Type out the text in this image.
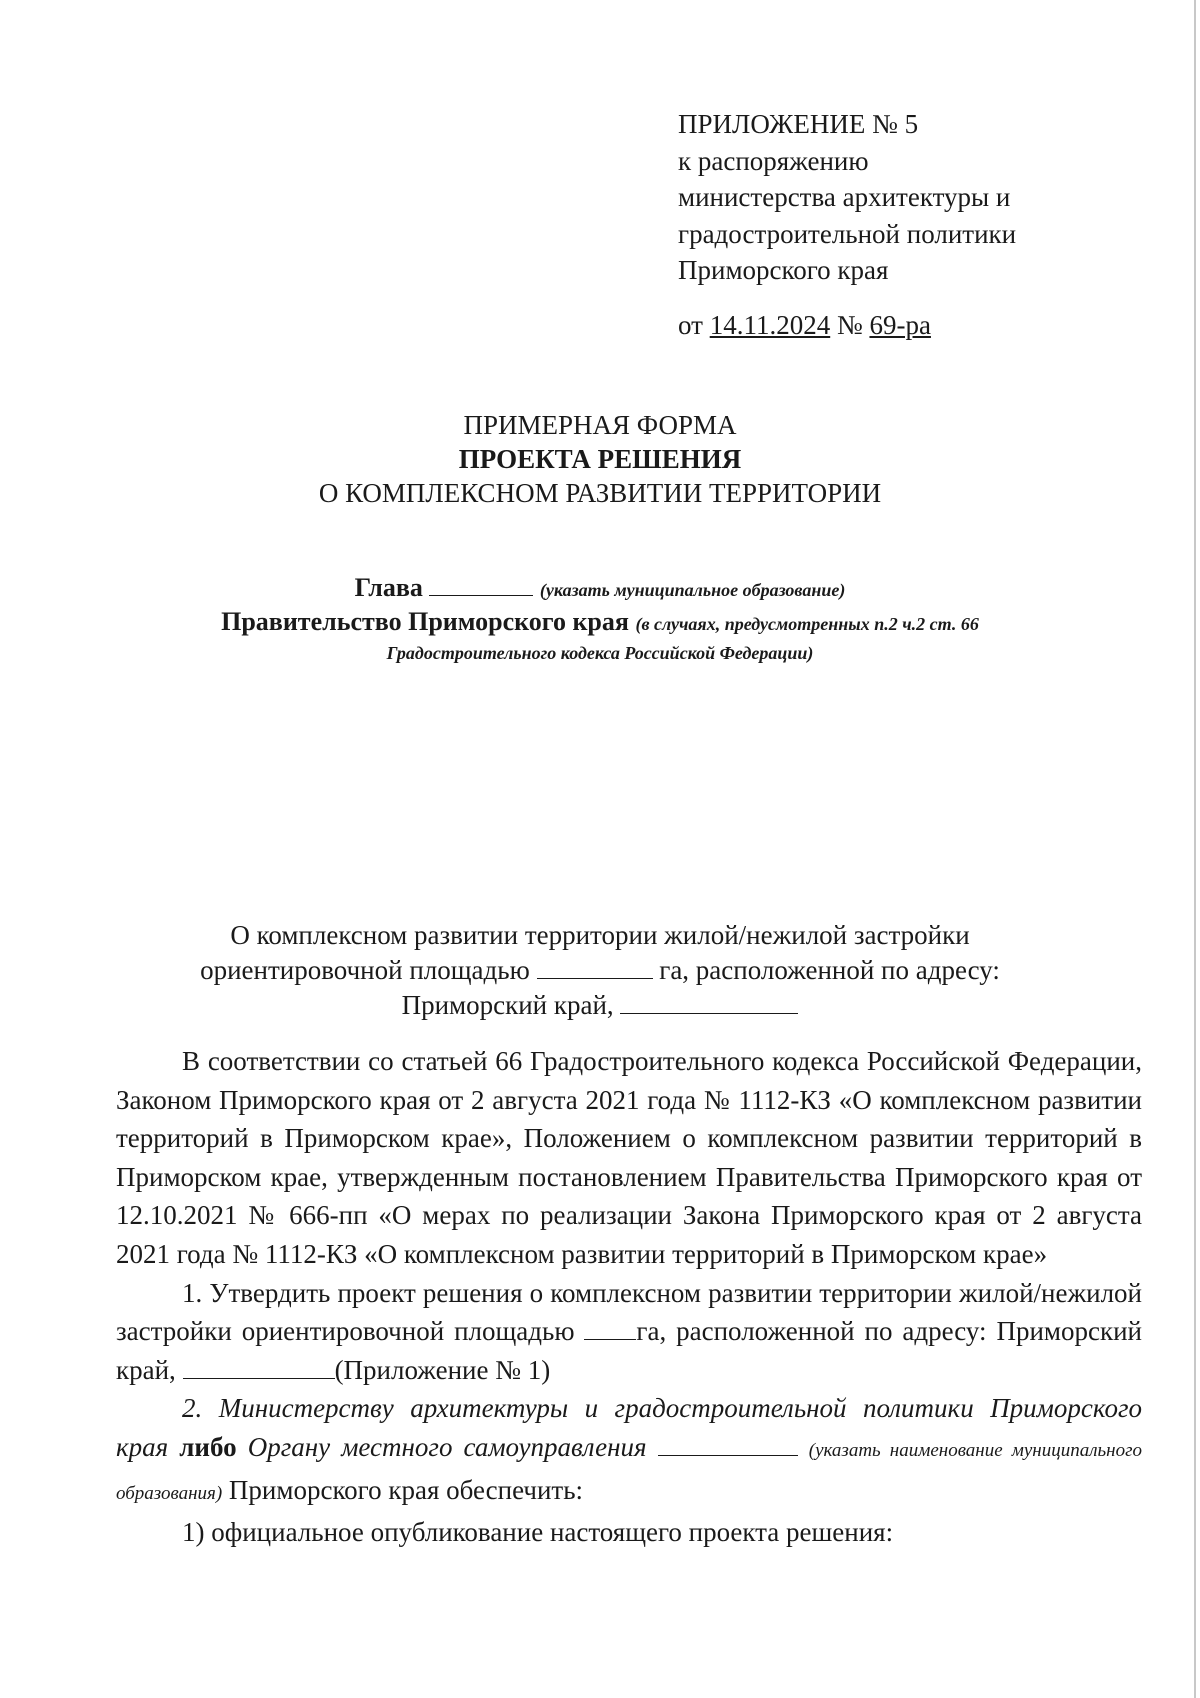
ПРИЛОЖЕНИЕ № 5
к распоряжению
министерства архитектуры и
градостроительной политики
Приморского края
от 14.11.2024 № 69-ра
ПРИМЕРНАЯ ФОРМА
ПРОЕКТА РЕШЕНИЯ
О КОМПЛЕКСНОМ РАЗВИТИИ ТЕРРИТОРИИ
Глава	(указать муниципальное образование)
Правительство Приморского края (в случаях, предусмотренных п.2 ч.2 ст. 66
Градостроительного кодекса Российской Федерации)
О комплексном развитии территории жилой/нежилой застройки
ориентировочной площадью	га, расположенной по адресу:
Приморский край,

В соответствии со статьей 66 Градостроительного кодекса Российской Федерации, Законом Приморского края от 2 августа 2021 года № 1112-КЗ «О комплексном развитии территорий в Приморском крае», Положением о комплексном развитии территорий в Приморском крае, утвержденным постановлением Правительства Приморского края от 12.10.2021 № 666-пп «О мерах по реализации Закона Приморского края от 2 августа 2021 года № 1112-КЗ «О комплексном развитии территорий в Приморском крае»

1. Утвердить проект решения о комплексном развитии территории жилой/нежилой застройки ориентировочной площадью га, расположенной по адресу: Приморский край,	(Приложение № 1)

2. Министерству архитектуры и градостроительной политики Приморского края либо Органу местного самоуправления	(указать наименование муниципального образования) Приморского края обеспечить:

1) официальное опубликование настоящего проекта решения:
